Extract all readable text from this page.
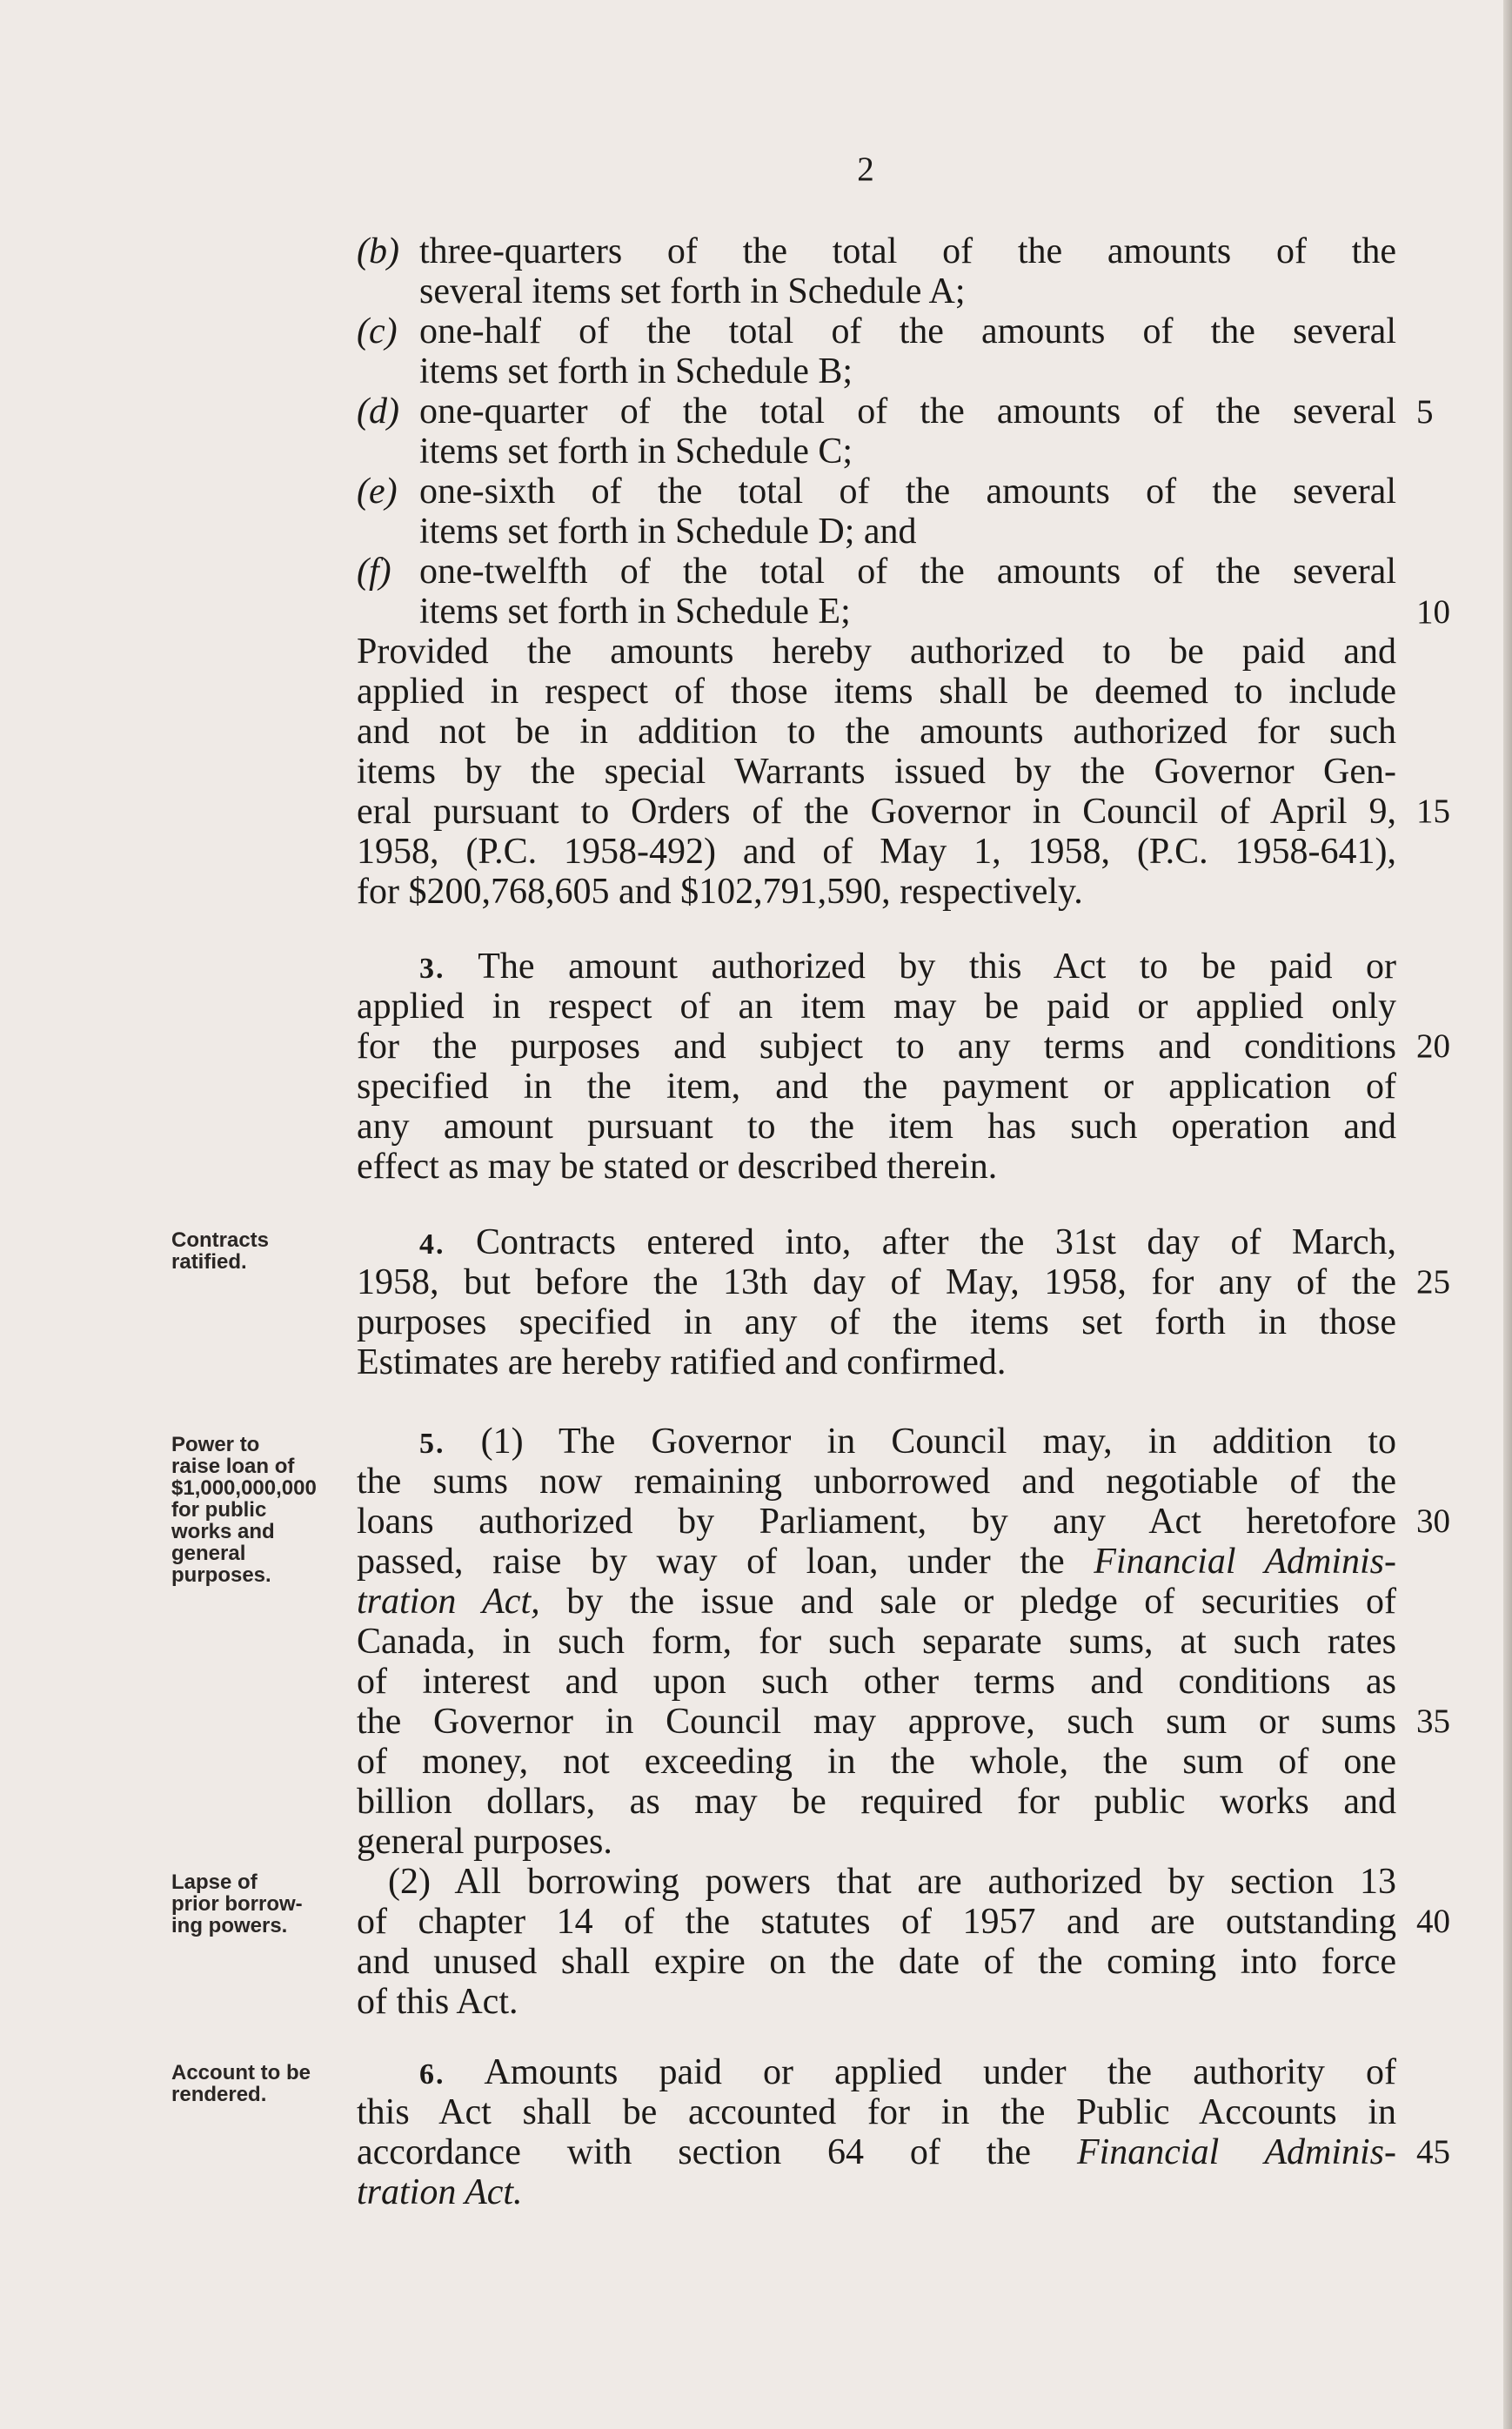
2
(b) three-quarters of the total of the amounts of the
several items set forth in Schedule A;
(c) one-half of the total of the amounts of the several
items set forth in Schedule B;
(d) one-quarter of the total of the amounts of the several
items set forth in Schedule C;
(e) one-sixth of the total of the amounts of the several
items set forth in Schedule D; and
(f) one-twelfth of the total of the amounts of the several
items set forth in Schedule E;
Provided the amounts hereby authorized to be paid and
applied in respect of those items shall be deemed to include
and not be in addition to the amounts authorized for such
items by the special Warrants issued by the Governor Gen-
eral pursuant to Orders of the Governor in Council of April 9,
1958, (P.C. 1958-492) and of May 1, 1958, (P.C. 1958-641),
for $200,768,605 and $102,791,590, respectively.
3. The amount authorized by this Act to be paid or
applied in respect of an item may be paid or applied only
for the purposes and subject to any terms and conditions
specified in the item, and the payment or application of
any amount pursuant to the item has such operation and
effect as may be stated or described therein.
Contracts
ratified.
4. Contracts entered into, after the 31st day of March,
1958, but before the 13th day of May, 1958, for any of the
purposes specified in any of the items set forth in those
Estimates are hereby ratified and confirmed.
Power to
raise loan of
$1,000,000,000
for public
works and
general
purposes.
5. (1) The Governor in Council may, in addition to
the sums now remaining unborrowed and negotiable of the
loans authorized by Parliament, by any Act heretofore
passed, raise by way of loan, under the Financial Adminis-
tration Act, by the issue and sale or pledge of securities of
Canada, in such form, for such separate sums, at such rates
of interest and upon such other terms and conditions as
the Governor in Council may approve, such sum or sums
of money, not exceeding in the whole, the sum of one
billion dollars, as may be required for public works and
general purposes.
(2) All borrowing powers that are authorized by section 13
of chapter 14 of the statutes of 1957 and are outstanding
and unused shall expire on the date of the coming into force
of this Act.
Lapse of
prior borrow-
ing powers.
Account to be
rendered.
6. Amounts paid or applied under the authority of
this Act shall be accounted for in the Public Accounts in
accordance with section 64 of the Financial Adminis-
tration Act.
5
10
15
20
25
30
35
40
45
